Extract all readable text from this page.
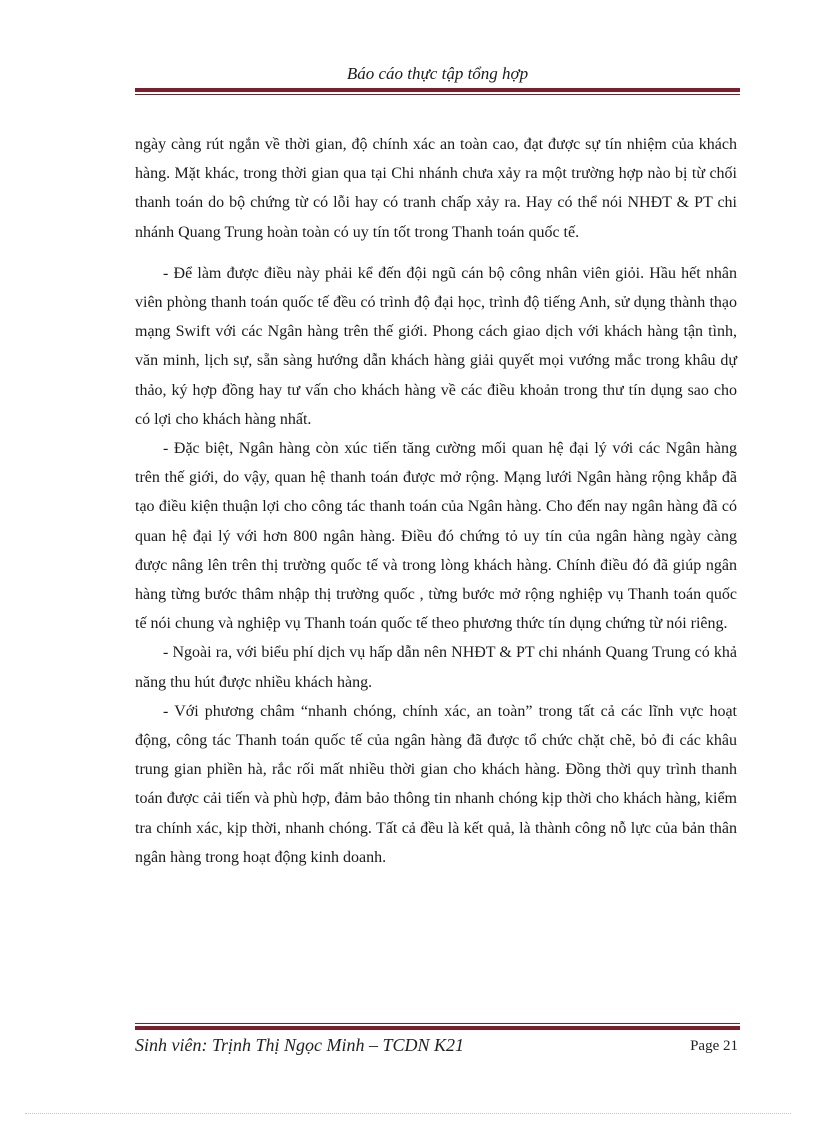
Báo cáo thực tập tổng hợp

ngày càng rút ngắn về thời gian, độ chính xác an toàn cao, đạt được sự tín nhiệm của khách hàng. Mặt khác, trong thời gian qua tại Chi nhánh chưa xảy ra một trường hợp nào bị từ chối thanh toán do bộ chứng từ có lỗi hay có tranh chấp xảy ra. Hay có thể nói NHĐT & PT chi nhánh Quang Trung hoàn toàn có uy tín tốt trong Thanh toán quốc tế.

- Để làm được điều này phải kể đến đội ngũ cán bộ công nhân viên giỏi. Hầu hết nhân viên phòng thanh toán quốc tế đều có trình độ đại học, trình độ tiếng Anh, sử dụng thành thạo mạng Swift với các Ngân hàng trên thế giới. Phong cách giao dịch với khách hàng tận tình, văn minh, lịch sự, sẵn sàng hướng dẫn khách hàng giải quyết mọi vướng mắc trong khâu dự thảo, ký hợp đồng hay tư vấn cho khách hàng về các điều khoản trong thư tín dụng sao cho có lợi cho khách hàng nhất.

- Đặc biệt, Ngân hàng còn xúc tiến tăng cường mối quan hệ đại lý với các Ngân hàng trên thế giới, do vậy, quan hệ thanh toán được mở rộng. Mạng lưới Ngân hàng rộng khắp đã tạo điều kiện thuận lợi cho công tác thanh toán của Ngân hàng. Cho đến nay ngân hàng đã có quan hệ đại lý với hơn 800 ngân hàng. Điều đó chứng tỏ uy tín của ngân hàng ngày càng được nâng lên trên thị trường quốc tế và trong lòng khách hàng. Chính điều đó đã giúp ngân hàng từng bước thâm nhập thị trường quốc , từng bước mở rộng nghiệp vụ Thanh toán quốc tế nói chung và nghiệp vụ Thanh toán quốc tế theo phương thức tín dụng chứng từ nói riêng.

- Ngoài ra, với biểu phí dịch vụ hấp dẫn nên NHĐT & PT chi nhánh Quang Trung có khả năng thu hút được nhiều khách hàng.

- Với phương châm “nhanh chóng, chính xác, an toàn” trong tất cả các lĩnh vực hoạt động, công tác Thanh toán quốc tế của ngân hàng đã được tổ chức chặt chẽ, bỏ đi các khâu trung gian phiền hà, rắc rối mất nhiều thời gian cho khách hàng. Đồng thời quy trình thanh toán được cải tiến và phù hợp, đảm bảo thông tin nhanh chóng kịp thời cho khách hàng, kiểm tra chính xác, kịp thời, nhanh chóng. Tất cả đều là kết quả, là thành công nỗ lực của bản thân ngân hàng trong hoạt động kinh doanh.

Sinh viên: Trịnh Thị Ngọc Minh – TCDN K21	Page 21
